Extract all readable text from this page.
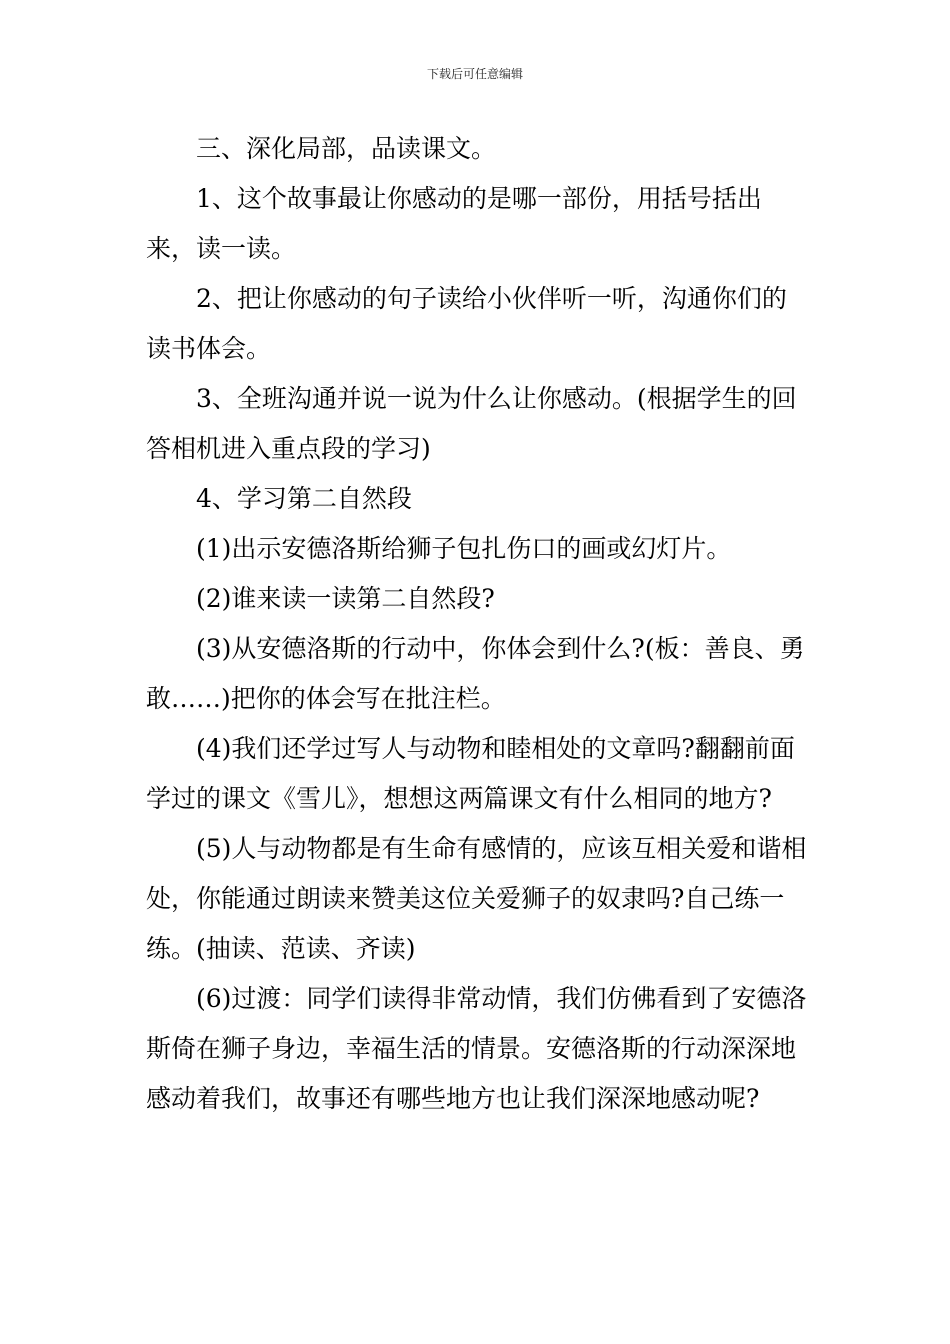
下载后可任意编辑

三、深化局部，品读课文。

1、这个故事最让你感动的是哪一部份，用括号括出来，读一读。

2、把让你感动的句子读给小伙伴听一听，沟通你们的读书体会。

3、全班沟通并说一说为什么让你感动。(根据学生的回答相机进入重点段的学习)

4、学习第二自然段

(1)出示安德洛斯给狮子包扎伤口的画或幻灯片。

(2)谁来读一读第二自然段?

(3)从安德洛斯的行动中，你体会到什么?(板：善良、勇敢……)把你的体会写在批注栏。

(4)我们还学过写人与动物和睦相处的文章吗?翻翻前面学过的课文《雪儿》，想想这两篇课文有什么相同的地方?

(5)人与动物都是有生命有感情的，应该互相关爱和谐相处，你能通过朗读来赞美这位关爱狮子的奴隶吗?自己练一练。(抽读、范读、齐读)

(6)过渡：同学们读得非常动情，我们仿佛看到了安德洛斯倚在狮子身边，幸福生活的情景。安德洛斯的行动深深地感动着我们，故事还有哪些地方也让我们深深地感动呢?
